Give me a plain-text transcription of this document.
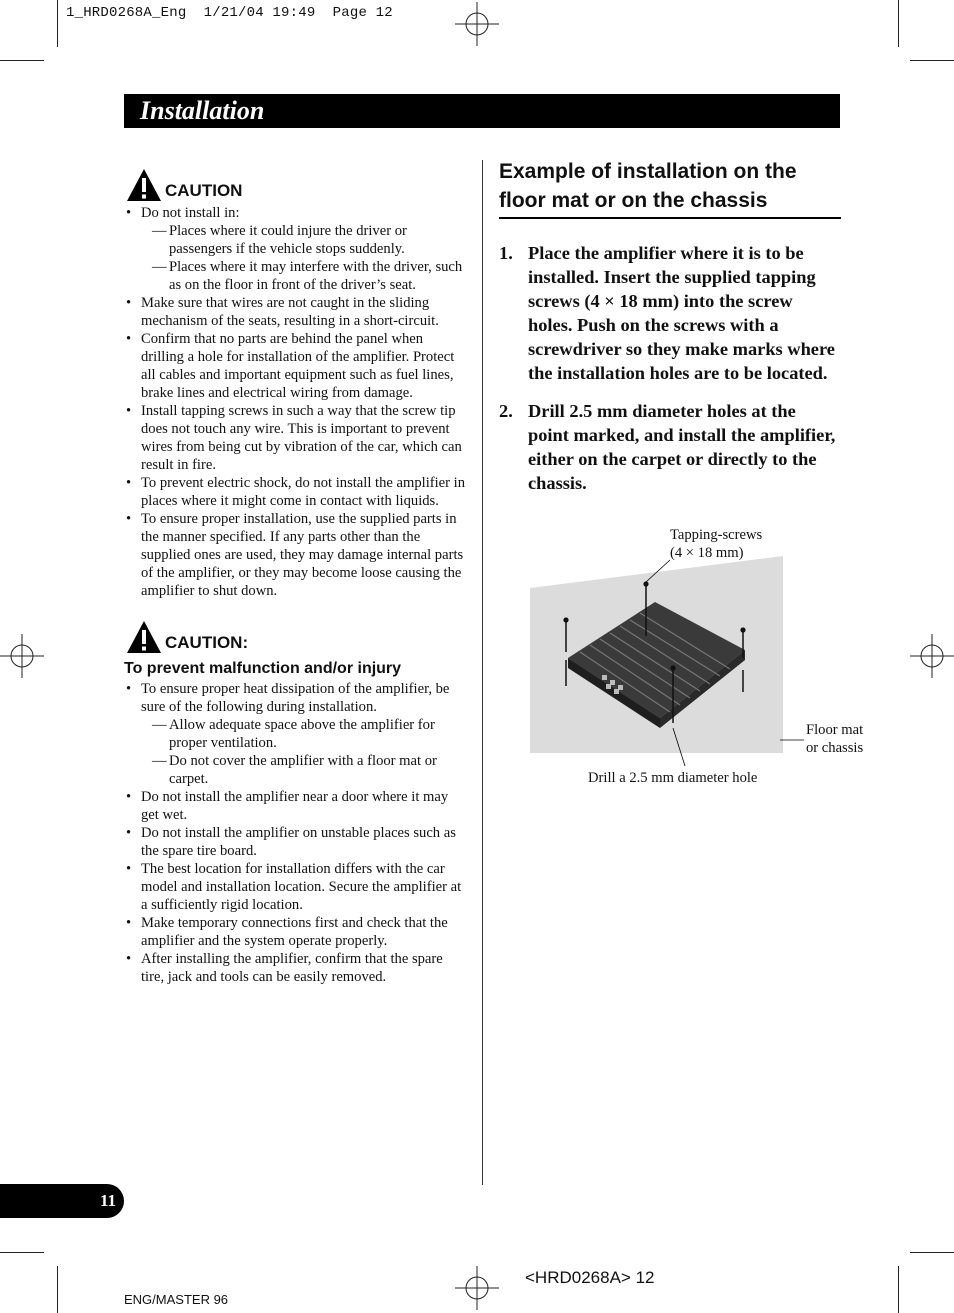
1_HRD0268A_Eng  1/21/04 19:49  Page 12
Installation
CAUTION
• Do not install in:
— Places where it could injure the driver or passengers if the vehicle stops suddenly.
— Places where it may interfere with the driver, such as on the floor in front of the driver’s seat.
• Make sure that wires are not caught in the sliding mechanism of the seats, resulting in a short-circuit.
• Confirm that no parts are behind the panel when drilling a hole for installation of the amplifier. Protect all cables and important equipment such as fuel lines, brake lines and electrical wiring from damage.
• Install tapping screws in such a way that the screw tip does not touch any wire. This is important to prevent wires from being cut by vibration of the car, which can result in fire.
• To prevent electric shock, do not install the amplifier in places where it might come in contact with liquids.
• To ensure proper installation, use the supplied parts in the manner specified. If any parts other than the supplied ones are used, they may damage internal parts of the amplifier, or they may become loose causing the amplifier to shut down.
CAUTION:
To prevent malfunction and/or injury
• To ensure proper heat dissipation of the amplifier, be sure of the following during installation.
— Allow adequate space above the amplifier for proper ventilation.
— Do not cover the amplifier with a floor mat or carpet.
• Do not install the amplifier near a door where it may get wet.
• Do not install the amplifier on unstable places such as the spare tire board.
• The best location for installation differs with the car model and installation location. Secure the amplifier at a sufficiently rigid location.
• Make temporary connections first and check that the amplifier and the system operate properly.
• After installing the amplifier, confirm that the spare tire, jack and tools can be easily removed.
Example of installation on the floor mat or on the chassis
1. Place the amplifier where it is to be installed. Insert the supplied tapping screws (4 × 18 mm) into the screw holes. Push on the screws with a screwdriver so they make marks where the installation holes are to be located.
2. Drill 2.5 mm diameter holes at the point marked, and install the amplifier, either on the carpet or directly to the chassis.
Tapping-screws
(4 × 18 mm)
Floor mat
or chassis
Drill a 2.5 mm diameter hole
11
ENG/MASTER 96
<HRD0268A> 12
